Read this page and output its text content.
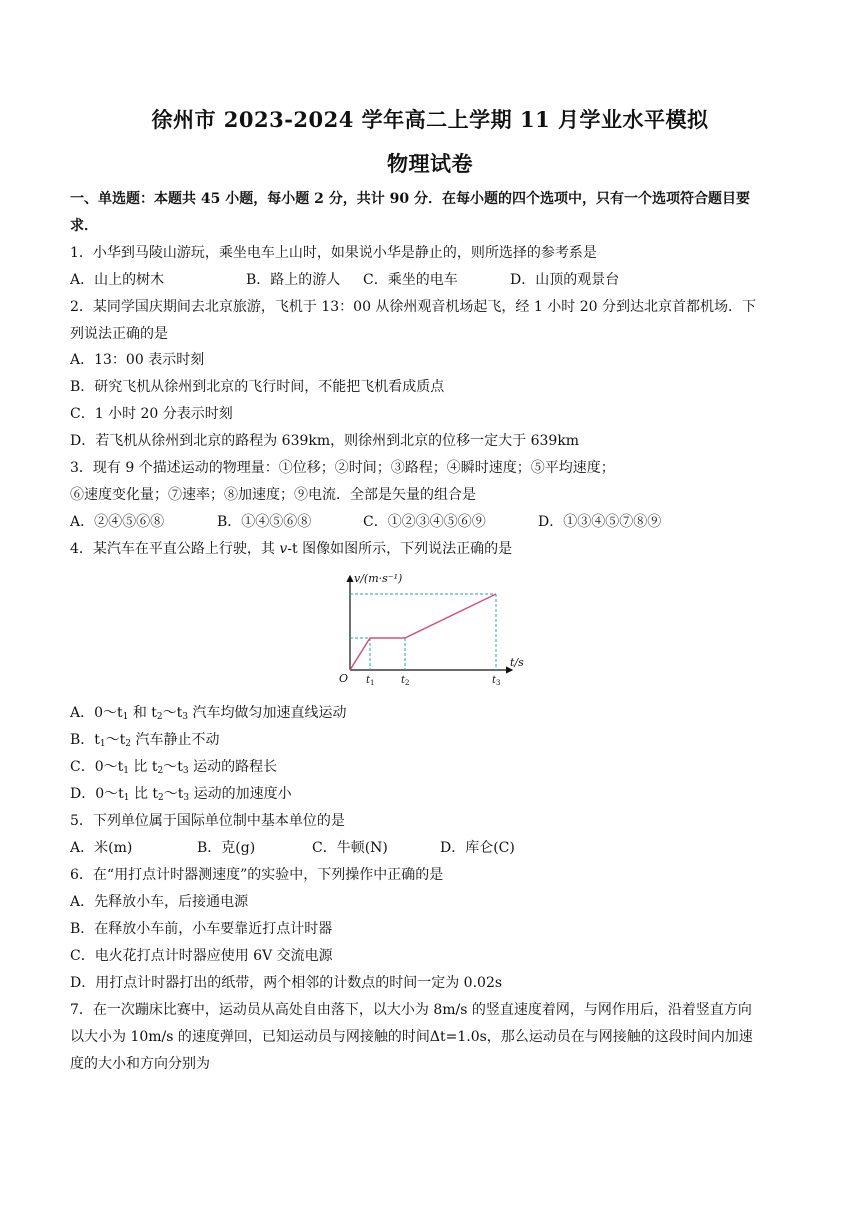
徐州市 2023-2024 学年高二上学期 11 月学业水平模拟
物理试卷
一、单选题：本题共 45 小题，每小题 2 分，共计 90 分．在每小题的四个选项中，只有一个选项符合题目要
求．
1．小华到马陵山游玩，乘坐电车上山时，如果说小华是静止的，则所选择的参考系是
A．山上的树木	B．路上的游人 C．乘坐的电车	D．山顶的观景台
2．某同学国庆期间去北京旅游，飞机于 13：00 从徐州观音机场起飞，经 1 小时 20 分到达北京首都机场．下
列说法正确的是
A．13：00 表示时刻
B．研究飞机从徐州到北京的飞行时间，不能把飞机看成质点
C．1 小时 20 分表示时刻
D．若飞机从徐州到北京的路程为 639km，则徐州到北京的位移一定大于 639km
3．现有 9 个描述运动的物理量：①位移；②时间；③路程；④瞬时速度；⑤平均速度；
⑥速度变化量；⑦速率；⑧加速度；⑨电流．全部是矢量的组合是
A．②④⑤⑥⑧	B．①④⑤⑥⑧	C．①②③④⑤⑥⑨	D．①③④⑤⑦⑧⑨
4．某汽车在平直公路上行驶，其 v-t 图像如图所示，下列说法正确的是
v/(m·s⁻¹)
t/s
O $t_1$	$t_2$	$t_3$
A．$0\sim t_1$ 和 $t_2\sim t_3$ 汽车均做匀加速直线运动
B．$t_1\sim t_2$ 汽车静止不动
C．$0\sim t_1$ 比 $t_2\sim t_3$ 运动的路程长
D．$0\sim t_1$ 比 $t_2\sim t_3$ 运动的加速度小
5．下列单位属于国际单位制中基本单位的是
A．米(m)	B．克(g)	C．牛顿(N)	D．库仑(C)
6．在“用打点计时器测速度”的实验中，下列操作中正确的是
A．先释放小车，后接通电源
B．在释放小车前，小车要靠近打点计时器
C．电火花打点计时器应使用 6V 交流电源
D．用打点计时器打出的纸带，两个相邻的计数点的时间一定为 0.02s
7．在一次蹦床比赛中，运动员从高处自由落下，以大小为 8m/s 的竖直速度着网，与网作用后，沿着竖直方向
以大小为 10m/s 的速度弹回，已知运动员与网接触的时间Δt=1.0s，那么运动员在与网接触的这段时间内加速
度的大小和方向分别为
